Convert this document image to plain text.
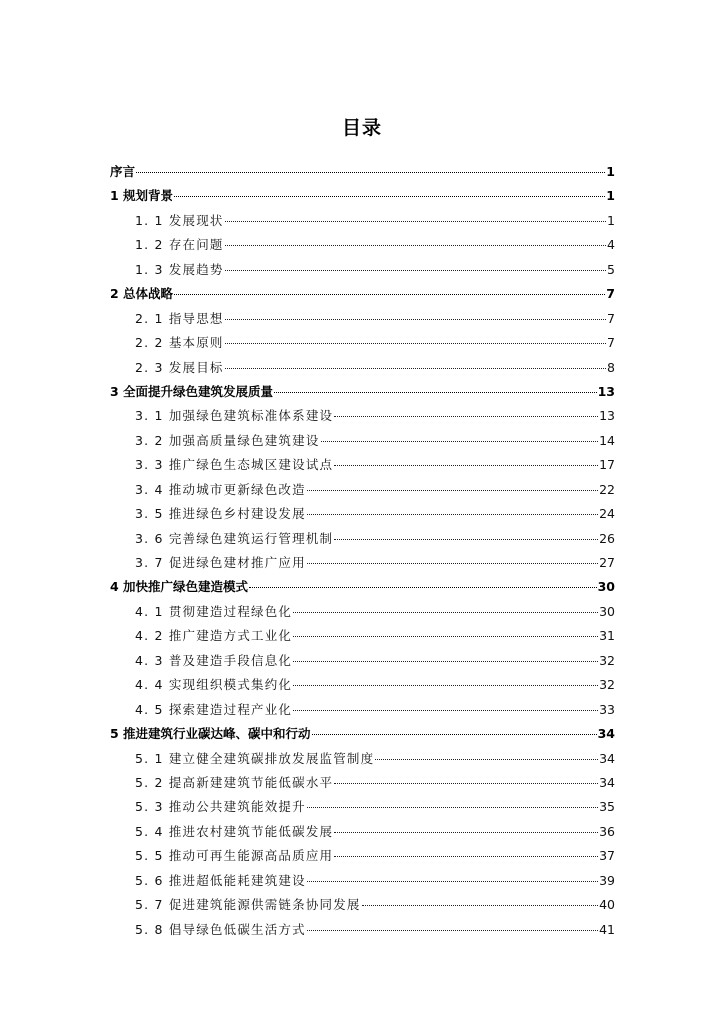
目录
序言	1
1 规划背景	1
1. 1 发展现状	1
1. 2 存在问题	4
1. 3 发展趋势	5
2 总体战略	7
2. 1 指导思想	7
2. 2 基本原则	7
2. 3 发展目标	8
3 全面提升绿色建筑发展质量	13
3. 1 加强绿色建筑标准体系建设	13
3. 2 加强高质量绿色建筑建设	14
3. 3 推广绿色生态城区建设试点	17
3. 4 推动城市更新绿色改造	22
3. 5 推进绿色乡村建设发展	24
3. 6 完善绿色建筑运行管理机制	26
3. 7 促进绿色建材推广应用	27
4 加快推广绿色建造模式	30
4. 1 贯彻建造过程绿色化	30
4. 2 推广建造方式工业化	31
4. 3 普及建造手段信息化	32
4. 4 实现组织模式集约化	32
4. 5 探索建造过程产业化	33
5 推进建筑行业碳达峰、碳中和行动	34
5. 1 建立健全建筑碳排放发展监管制度	34
5. 2 提高新建建筑节能低碳水平	34
5. 3 推动公共建筑能效提升	35
5. 4 推进农村建筑节能低碳发展	36
5. 5 推动可再生能源高品质应用	37
5. 6 推进超低能耗建筑建设	39
5. 7 促进建筑能源供需链条协同发展	40
5. 8 倡导绿色低碳生活方式	41
